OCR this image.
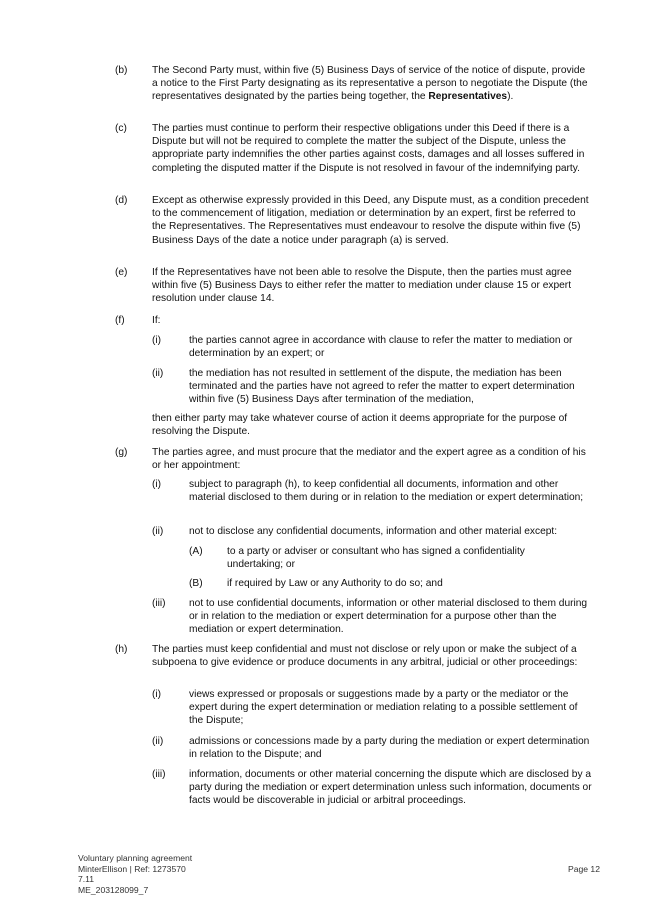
(b) The Second Party must, within five (5) Business Days of service of the notice of dispute, provide a notice to the First Party designating as its representative a person to negotiate the Dispute (the representatives designated by the parties being together, the Representatives).
(c) The parties must continue to perform their respective obligations under this Deed if there is a Dispute but will not be required to complete the matter the subject of the Dispute, unless the appropriate party indemnifies the other parties against costs, damages and all losses suffered in completing the disputed matter if the Dispute is not resolved in favour of the indemnifying party.
(d) Except as otherwise expressly provided in this Deed, any Dispute must, as a condition precedent to the commencement of litigation, mediation or determination by an expert, first be referred to the Representatives. The Representatives must endeavour to resolve the dispute within five (5) Business Days of the date a notice under paragraph (a) is served.
(e) If the Representatives have not been able to resolve the Dispute, then the parties must agree within five (5) Business Days to either refer the matter to mediation under clause 15 or expert resolution under clause 14.
(f)	If:
(i)	the parties cannot agree in accordance with clause to refer the matter to mediation or determination by an expert; or
(ii)	the mediation has not resulted in settlement of the dispute, the mediation has been terminated and the parties have not agreed to refer the matter to expert determination within five (5) Business Days after termination of the mediation,
then either party may take whatever course of action it deems appropriate for the purpose of resolving the Dispute.
(g) The parties agree, and must procure that the mediator and the expert agree as a condition of his or her appointment:
(i)	subject to paragraph (h), to keep confidential all documents, information and other material disclosed to them during or in relation to the mediation or expert determination;
(ii)	not to disclose any confidential documents, information and other material except:
(A) to a party or adviser or consultant who has signed a confidentiality undertaking; or
(B) if required by Law or any Authority to do so; and
(iii) not to use confidential documents, information or other material disclosed to them during or in relation to the mediation or expert determination for a purpose other than the mediation or expert determination.
(h) The parties must keep confidential and must not disclose or rely upon or make the subject of a subpoena to give evidence or produce documents in any arbitral, judicial or other proceedings:
(i)	views expressed or proposals or suggestions made by a party or the mediator or the expert during the expert determination or mediation relating to a possible settlement of the Dispute;
(ii)	admissions or concessions made by a party during the mediation or expert determination in relation to the Dispute; and
(iii) information, documents or other material concerning the dispute which are disclosed by a party during the mediation or expert determination unless such information, documents or facts would be discoverable in judicial or arbitral proceedings.
Voluntary planning agreement
MinterEllison | Ref: 1273570
7.11
ME_203128099_7
Page 12
